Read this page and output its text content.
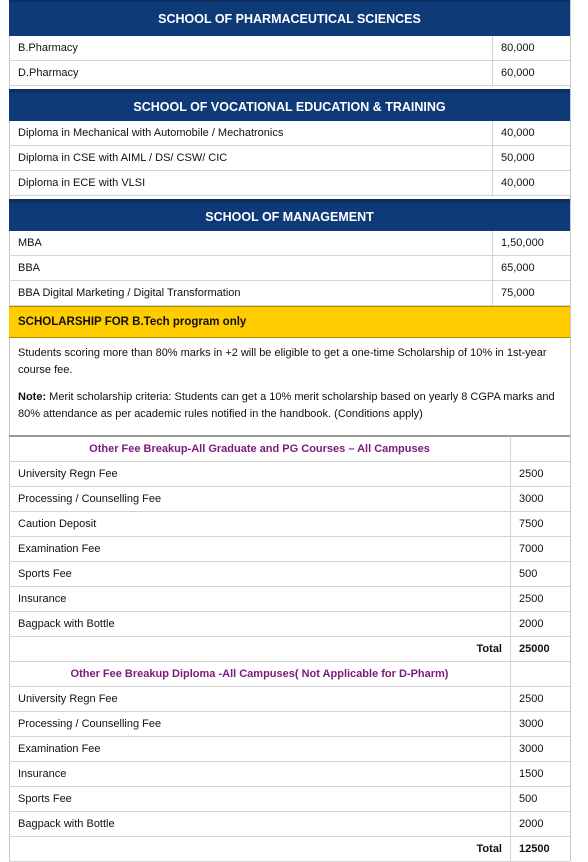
SCHOOL OF PHARMACEUTICAL SCIENCES
B.Pharmacy	80,000
D.Pharmacy	60,000
SCHOOL OF VOCATIONAL EDUCATION & TRAINING
Diploma in Mechanical with Automobile / Mechatronics	40,000
Diploma in CSE with AIML / DS/ CSW/ CIC	50,000
Diploma in ECE with VLSI	40,000
SCHOOL OF MANAGEMENT
MBA	1,50,000
BBA	65,000
BBA Digital Marketing / Digital Transformation	75,000
SCHOLARSHIP FOR B.Tech program only

Students scoring more than 80% marks in +2 will be eligible to get a one-time Scholarship of 10% in 1st-year course fee.

Note: Merit scholarship criteria: Students can get a 10% merit scholarship based on yearly 8 CGPA marks and 80% attendance as per academic rules notified in the handbook. (Conditions apply)

Other Fee Breakup-All Graduate and PG Courses – All Campuses
University Regn Fee	2500
Processing / Counselling Fee	3000
Caution Deposit	7500
Examination Fee	7000
Sports Fee	500
Insurance	2500
Bagpack with Bottle	2000
Total	25000
Other Fee Breakup Diploma -All Campuses( Not Applicable for D-Pharm)
University Regn Fee	2500
Processing / Counselling Fee	3000
Examination Fee	3000
Insurance	1500
Sports Fee	500
Bagpack with Bottle	2000
Total	12500
